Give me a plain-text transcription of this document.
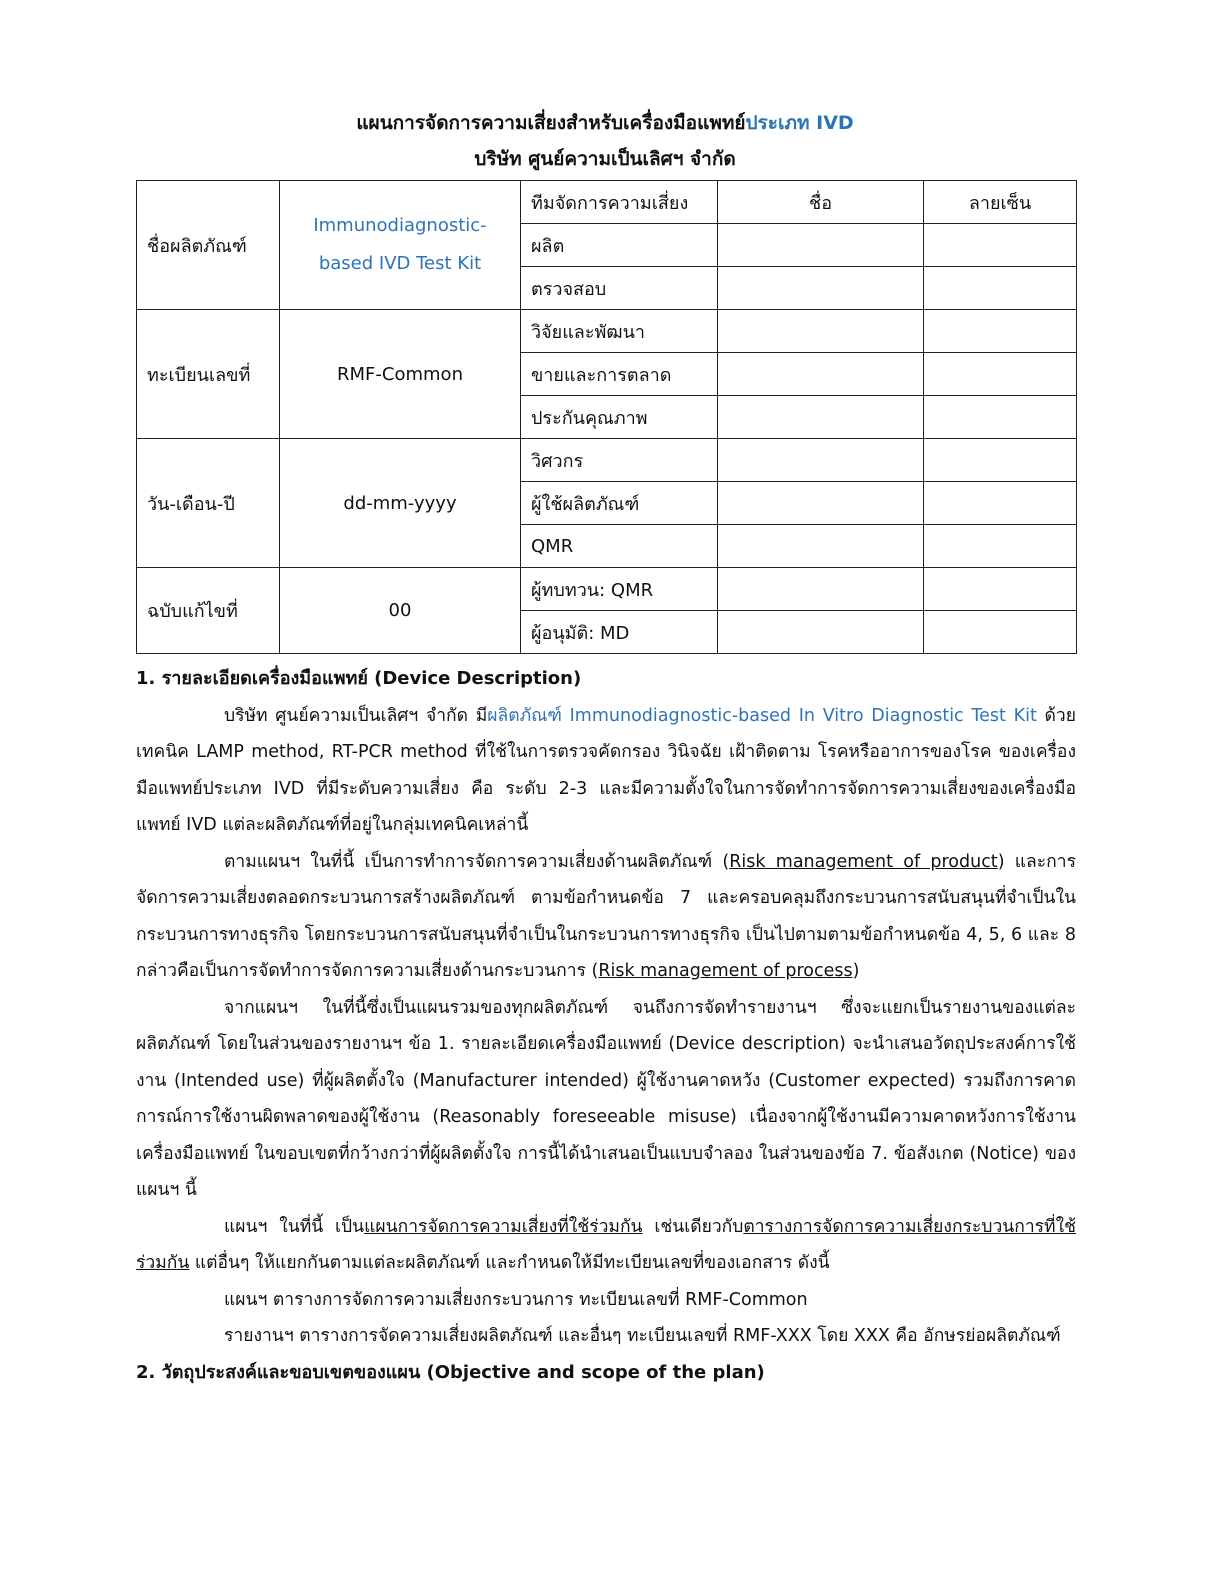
แผนการจัดการความเสี่ยงสำหรับเครื่องมือแพทย์ประเภท IVD
บริษัท ศูนย์ความเป็นเลิศฯ จำกัด
ชื่อผลิตภัณฑ์	Immunodiagnostic-based IVD Test Kit	ทีมจัดการความเสี่ยง	ชื่อ	ลายเซ็น
		ผลิต		
		ตรวจสอบ		
ทะเบียนเลขที่	RMF-Common	วิจัยและพัฒนา		
		ขายและการตลาด		
		ประกันคุณภาพ		
วัน-เดือน-ปี	dd-mm-yyyy	วิศวกร		
		ผู้ใช้ผลิตภัณฑ์		
		QMR		
ฉบับแก้ไขที่	00	ผู้ทบทวน: QMR		
		ผู้อนุมัติ: MD		

1. รายละเอียดเครื่องมือแพทย์ (Device Description)

บริษัท ศูนย์ความเป็นเลิศฯ จำกัด มีผลิตภัณฑ์ Immunodiagnostic-based In Vitro Diagnostic Test Kit ด้วยเทคนิค LAMP method, RT-PCR method ที่ใช้ในการตรวจคัดกรอง วินิจฉัย เฝ้าติดตาม โรคหรืออาการของโรค ของเครื่องมือแพทย์ประเภท IVD ที่มีระดับความเสี่ยง คือ ระดับ 2-3 และมีความตั้งใจในการจัดทำการจัดการความเสี่ยงของเครื่องมือแพทย์ IVD แต่ละผลิตภัณฑ์ที่อยู่ในกลุ่มเทคนิคเหล่านี้

ตามแผนฯ ในที่นี้ เป็นการทำการจัดการความเสี่ยงด้านผลิตภัณฑ์ (Risk management of product) และการจัดการความเสี่ยงตลอดกระบวนการสร้างผลิตภัณฑ์ ตามข้อกำหนดข้อ 7 และครอบคลุมถึงกระบวนการสนับสนุนที่จำเป็นในกระบวนการทางธุรกิจ โดยกระบวนการสนับสนุนที่จำเป็นในกระบวนการทางธุรกิจ เป็นไปตามตามข้อกำหนดข้อ 4, 5, 6 และ 8 กล่าวคือเป็นการจัดทำการจัดการความเสี่ยงด้านกระบวนการ (Risk management of process)

จากแผนฯ ในที่นี้ซึ่งเป็นแผนรวมของทุกผลิตภัณฑ์ จนถึงการจัดทำรายงานฯ ซึ่งจะแยกเป็นรายงานของแต่ละผลิตภัณฑ์ โดยในส่วนของรายงานฯ ข้อ 1. รายละเอียดเครื่องมือแพทย์ (Device description) จะนำเสนอวัตถุประสงค์การใช้งาน (Intended use) ที่ผู้ผลิตตั้งใจ (Manufacturer intended) ผู้ใช้งานคาดหวัง (Customer expected) รวมถึงการคาดการณ์การใช้งานผิดพลาดของผู้ใช้งาน (Reasonably foreseeable misuse) เนื่องจากผู้ใช้งานมีความคาดหวังการใช้งานเครื่องมือแพทย์ ในขอบเขตที่กว้างกว่าที่ผู้ผลิตตั้งใจ การนี้ได้นำเสนอเป็นแบบจำลอง ในส่วนของข้อ 7. ข้อสังเกต (Notice) ของแผนฯ นี้

แผนฯ ในที่นี้ เป็นแผนการจัดการความเสี่ยงที่ใช้ร่วมกัน เช่นเดียวกับตารางการจัดการความเสี่ยงกระบวนการที่ใช้ร่วมกัน แต่อื่นๆ ให้แยกกันตามแต่ละผลิตภัณฑ์ และกำหนดให้มีทะเบียนเลขที่ของเอกสาร ดังนี้

แผนฯ ตารางการจัดการความเสี่ยงกระบวนการ ทะเบียนเลขที่ RMF-Common

รายงานฯ ตารางการจัดความเสี่ยงผลิตภัณฑ์ และอื่นๆ ทะเบียนเลขที่ RMF-XXX โดย XXX คือ อักษรย่อผลิตภัณฑ์

2. วัตถุประสงค์และขอบเขตของแผน (Objective and scope of the plan)
